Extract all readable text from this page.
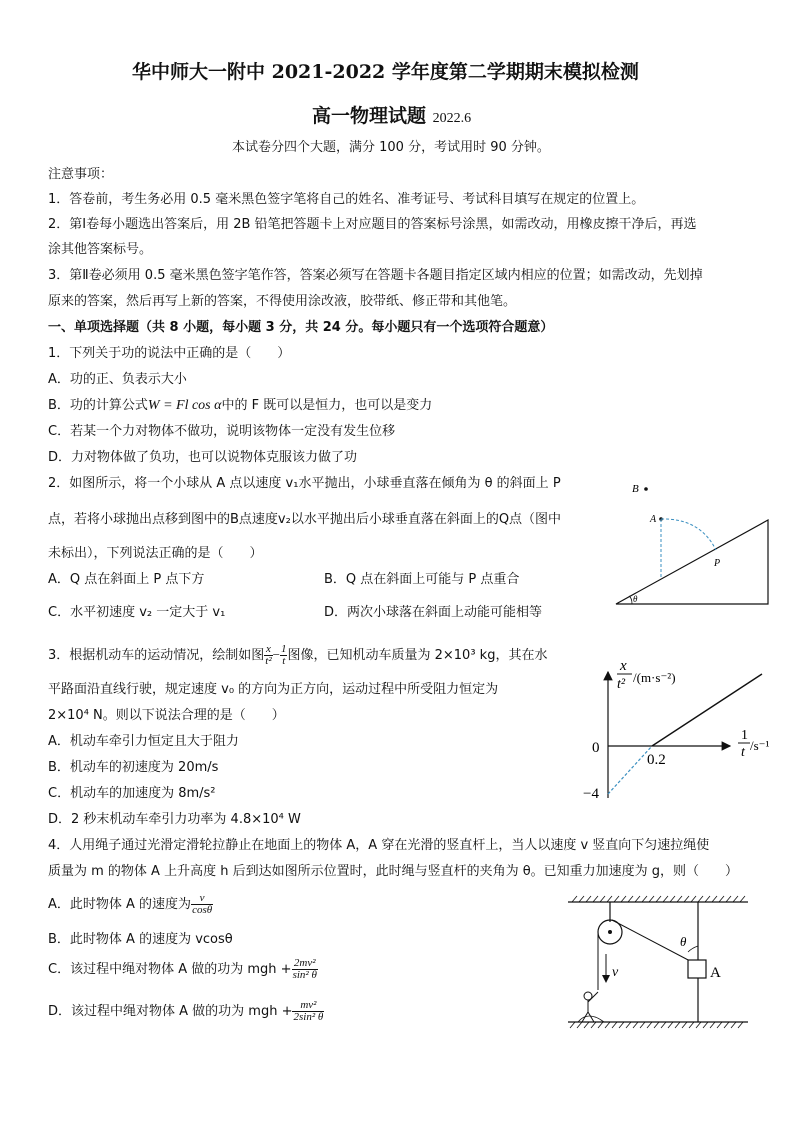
华中师大一附中 2021-2022 学年度第二学期期末模拟检测
高一物理试题 2022.6
本试卷分四个大题，满分 100 分，考试用时 90 分钟。
注意事项：
1．答卷前，考生务必用 0.5 毫米黑色签字笔将自己的姓名、准考证号、考试科目填写在规定的位置上。
2．第Ⅰ卷每小题选出答案后，用 2B 铅笔把答题卡上对应题目的答案标号涂黑，如需改动，用橡皮擦干净后，再选
涂其他答案标号。
3．第Ⅱ卷必须用 0.5 毫米黑色签字笔作答，答案必须写在答题卡各题目指定区域内相应的位置；如需改动，先划掉
原来的答案，然后再写上新的答案，不得使用涂改液，胶带纸、修正带和其他笔。
一、单项选择题（共 8 小题，每小题 3 分，共 24 分。每小题只有一个选项符合题意）
1．下列关于功的说法中正确的是（　　）
A．功的正、负表示大小
B．功的计算公式W = Fl cos α中的 F 既可以是恒力，也可以是变力
C．若某一个力对物体不做功，说明该物体一定没有发生位移
D．力对物体做了负功，也可以说物体克服该力做了功
2．如图所示，将一个小球从 A 点以速度 v₁水平抛出，小球垂直落在倾角为 θ 的斜面上 P
点，若将小球抛出点移到图中的B点速度v₂以水平抛出后小球垂直落在斜面上的Q点（图中
未标出），下列说法正确的是（　　）
A．Q 点在斜面上 P 点下方	B．Q 点在斜面上可能与 P 点重合
C．水平初速度 v₂ 一定大于 v₁	D．两次小球落在斜面上动能可能相等
B
A
P
θ
3．根据机动车的运动情况，绘制如图 $\frac{x}{\text{t²}} - \frac{1}{t}$ 图像，已知机动车质量为 2×10³ kg，其在水
平路面沿直线行驶，规定速度 v₀ 的方向为正方向，运动过程中所受阻力恒定为
2×10⁴ N。则以下说法合理的是（　　）
A．机动车牵引力恒定且大于阻力
B．机动车的初速度为 20m/s
C．机动车的加速度为 8m/s²
D．2 秒末机动车牵引力功率为 4.8×10⁴ W
x
t² /(m·s⁻²)
1
t /s⁻¹
0
0.2
−4
4．人用绳子通过光滑定滑轮拉静止在地面上的物体 A，A 穿在光滑的竖直杆上，当人以速度 v 竖直向下匀速拉绳使
质量为 m 的物体 A 上升高度 h 后到达如图所示位置时，此时绳与竖直杆的夹角为 θ。已知重力加速度为 g，则（　　）
A．此时物体 A 的速度为 $\frac{v}{\cos\theta}$
B．此时物体 A 的速度为 vcosθ
C．该过程中绳对物体 A 做的功为 mgh + $\frac{\text{2mv²}}{\text{sin² θ}}$
D．该过程中绳对物体 A 做的功为 mgh + $\frac{\text{mv²}}{\text{2sin² θ}}$
A
θ
v
